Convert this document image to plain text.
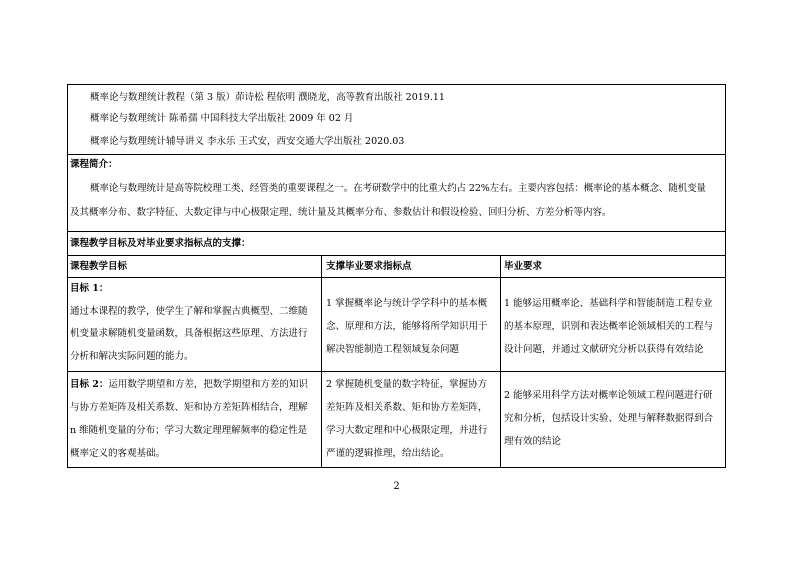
概率论与数理统计教程（第 3 版）茆诗松 程依明 濮晓龙，高等教育出版社 2019.11
概率论与数理统计 陈希孺 中国科技大学出版社 2009 年 02 月
概率论与数理统计辅导讲义 李永乐 王式安，西安交通大学出版社 2020.03
课程简介：
概率论与数理统计是高等院校理工类、经管类的重要课程之一。在考研数学中的比重大约占 22%左右。主要内容包括：概率论的基本概念、随机变量
及其概率分布、数字特征、大数定律与中心极限定理、统计量及其概率分布、参数估计和假设检验、回归分析、方差分析等内容。
课程教学目标及对毕业要求指标点的支撑：
课程教学目标	支撑毕业要求指标点	毕业要求
目标 1：
通过本课程的教学，使学生了解和掌握古典概型、二维随
机变量求解随机变量函数，具备根据这些原理、方法进行
分析和解决实际问题的能力。
1 掌握概率论与统计学学科中的基本概
念、原理和方法，能够将所学知识用于
解决智能制造工程领域复杂问题
1 能够运用概率论、基础科学和智能制造工程专业
的基本原理，识别和表达概率论领域相关的工程与
设计问题，并通过文献研究分析以获得有效结论
目标 2：运用数学期望和方差，把数学期望和方差的知识
与协方差矩阵及相关系数、矩和协方差矩阵相结合，理解
n 维随机变量的分布；学习大数定理理解频率的稳定性是
概率定义的客观基础。
2 掌握随机变量的数字特征，掌握协方
差矩阵及相关系数、矩和协方差矩阵，
学习大数定理和中心极限定理，并进行
严谨的逻辑推理，给出结论。
2 能够采用科学方法对概率论领域工程问题进行研
究和分析，包括设计实验、处理与解释数据得到合
理有效的结论
2
